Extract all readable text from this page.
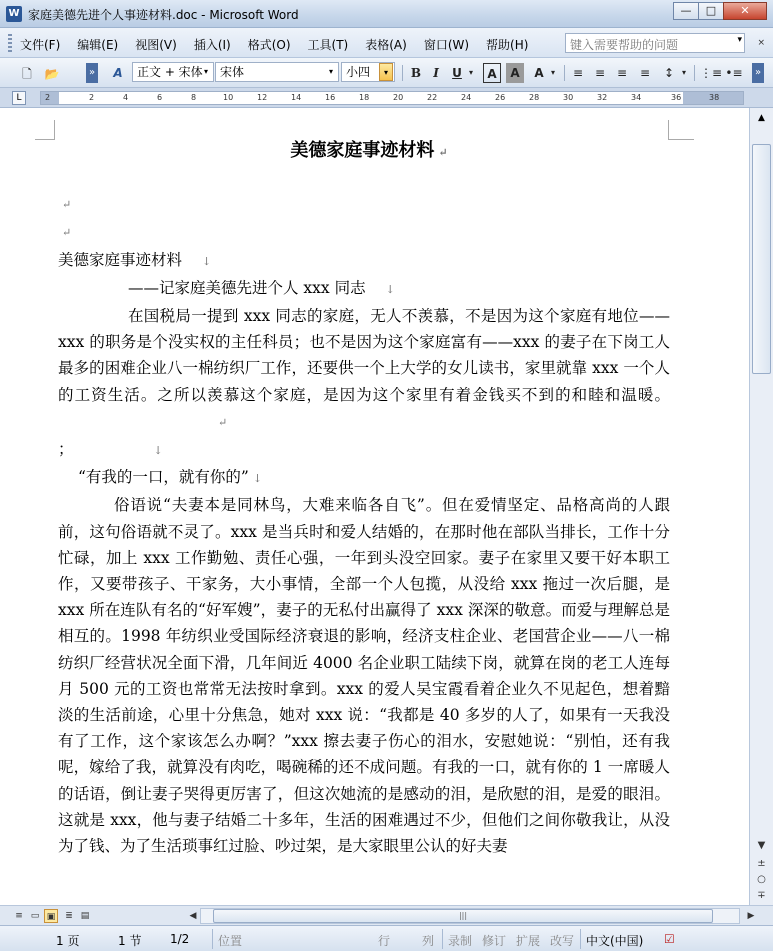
W 家庭美德先进个人事迹材料.doc - Microsoft Word	—	□	✕
文件(F) 编辑(E) 视图(V) 插入(I) 格式(O) 工具(T) 表格(A) 窗口(W) 帮助(H)	×
键入需要帮助的问题	▾
🗋	📂	»	A	正文 + 宋体 ▾	宋体	▾	小四	▾	B	I	U ▾	A	A	A ▾	≡ ≡ ≡	≡	↕ ▾ ⋮≡ •≡ »
L	2	2	4	6	8	10	12	14	16	18	20	22	24	26	28	30	32	34	36	38

美德家庭事迹材料 ↵

↵

↵

美德家庭事迹材料 ↓

——记家庭美德先进个人 xxx 同志 ↓

在国税局一提到 xxx 同志的家庭，无人不羡慕，不是因为这个家庭有地位——xxx 的职务是个没实权的主任科员；也不是因为这个家庭富有——xxx 的妻子在下岗工人最多的困难企业八一棉纺织厂工作，还要供一个上大学的女儿读书，家里就靠 xxx 一个人的工资生活。之所以羡慕这个家庭，是因为这个家里有着金钱买不到的和睦和温暖。↵

；	↓

“有我的一口，就有你的” ↓

俗语说“夫妻本是同林鸟，大难来临各自飞”。但在爱情坚定、品格高尚的人跟前，这句俗语就不灵了。xxx 是当兵时和爱人结婚的，在那时他在部队当排长，工作十分忙碌，加上 xxx 工作勤勉、责任心强，一年到头没空回家。妻子在家里又要干好本职工作，又要带孩子、干家务，大小事情，全部一个人包揽，从没给 xxx 拖过一次后腿，是 xxx 所在连队有名的“好军嫂”，妻子的无私付出赢得了 xxx 深深的敬意。而爱与理解总是相互的。1998 年纺织业受国际经济衰退的影响，经济支柱企业、老国营企业——八一棉纺织厂经营状况全面下滑，几年间近 4000 名企业职工陆续下岗，就算在岗的老工人连每月 500 元的工资也常常无法按时拿到。xxx 的爱人吴宝霞看着企业久不见起色，想着黯淡的生活前途，心里十分焦急，她对 xxx 说：“我都是 40 多岁的人了，如果有一天我没有了工作，这个家该怎么办啊？”xxx 擦去妻子伤心的泪水，安慰她说：“别怕，还有我呢，嫁给了我，就算没有肉吃，喝碗稀的还不成问题。有我的一口，就有你的 1 一席暖人的话语，倒让妻子哭得更厉害了，但这次她流的是感动的泪，是欣慰的泪，是爱的眼泪。这就是 xxx，他与妻子结婚二十多年，生活的困难遇过不少，但他们之间你敬我让，从没为了钱、为了生活琐事红过脸、吵过架，是大家眼里公认的好夫妻

▲
▼
±
○
∓
≡ ▭ ▣	≣ ▤	|||
◀	▶
1 页	1 节 1/2 位置	行	列 录制 修订 扩展 改写 中文(中国) ☑
